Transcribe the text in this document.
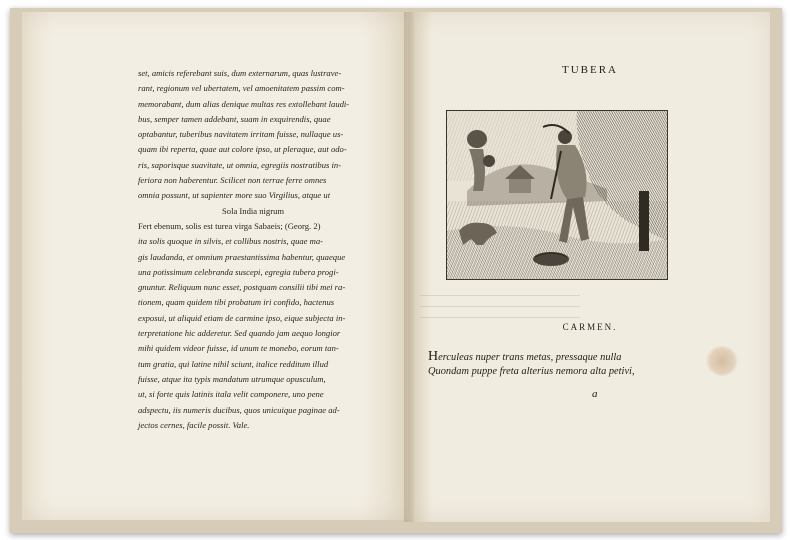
set, amicis referebant suis, dum externarum, quas lustrave-
rant, regionum vel ubertatem, vel amoenitatem passim com-
memorabant, dum alias denique multas res extollebant laudi-
bus, semper tamen addebant, suam in exquirendis, quae
optabantur, tuberibus navitatem irritam fuisse, nullaque us-
quam ibi reperta, quae aut colore ipso, ut pleraque, aut odo-
ris, saporisque suavitate, ut omnia, egregiis nostratibus in-
feriora non haberentur. Scilicet non terrae ferre omnes
omnia possunt, ut sapienter more suo Virgilius, atque ut
Sola India nigrum
Fert ebenum, solis est turea virga Sabaeis; (Georg. 2)
ita solis quoque in silvis, et collibus nostris, quae ma-
gis laudanda, et omnium praestantissima habentur, quaeque
una potissimum celebranda suscepi, egregia tubera progi-
gnuntur. Reliquum nunc esset, postquam consilii tibi mei ra-
tionem, quam quidem tibi probatum iri confido, hactenus
exposui, ut aliquid etiam de carmine ipso, eique subjecta in-
terpretatione hic adderetur. Sed quando jam aequo longior
mihi quidem videor fuisse, id unum te monebo, eorum tan-
tum gratia, qui latine nihil sciunt, italice redditum illud
fuisse, atque ita typis mandatum utrumque opusculum,
ut, si forte quis latinis itala velit componere, uno pene
adspectu, iis numeris ducibus, quos unicuique paginae ad-
jectos cernes, facile possit. Vale.
TUBERA
CARMEN.
Herculeas nuper trans metas, pressaque nulla
Quondam puppe freta alterius nemora alta petivi,
a
